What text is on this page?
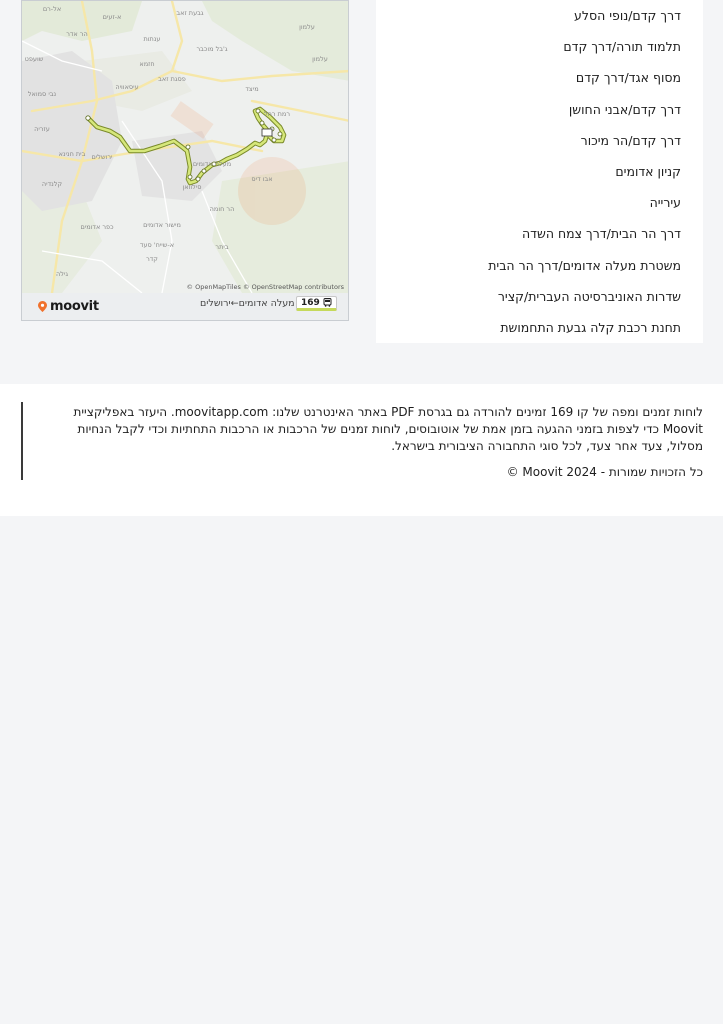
גבעת זאב
ענתות
הר אדר
פסגת זאב
ירושלים
רמת רחל
מעלה אדומים
אבו דיס
עזריה
הר חומה
ביתר
קדר
א-זעים
חזמא
עלמון
כפר אדומים
נבי סמואל
אל-רם
שועפט
עיסאוויה
בית חנינא
גילה
קלנדיה	סילוואן
מישור אדומים
א-שייח' סעד
ג'בל מוכבר
עלמון
מיצד
© OpenMapTiles © OpenStreetMap contributors
moovit	מעלה אדומים←ירושלים 169
דרך קדם/נופי הסלע
תלמוד תורה/דרך קדם
מסוף אגד/דרך קדם
דרך קדם/אבני החושן
דרך קדם/הר מיכור
קניון אדומים
עירייה
דרך הר הבית/דרך צמח השדה
משטרת מעלה אדומים/דרך הר הבית
שדרות האוניברסיטה העברית/קציר
תחנת רכבת קלה גבעת התחמושת

לוחות זמנים ומפה של קו 169 זמינים להורדה גם בגרסת PDF באתר האינטרנט שלנו: moovitapp.com. היעזר באפליקציית Moovit כדי לצפות בזמני ההגעה בזמן אמת של אוטובוסים, לוחות זמנים של הרכבות או הרכבות התחתיות וכדי לקבל הנחיות מסלול, צעד אחר צעד, לכל סוגי התחבורה הציבורית בישראל.

כל הזכויות שמורות - Moovit 2024 ©
